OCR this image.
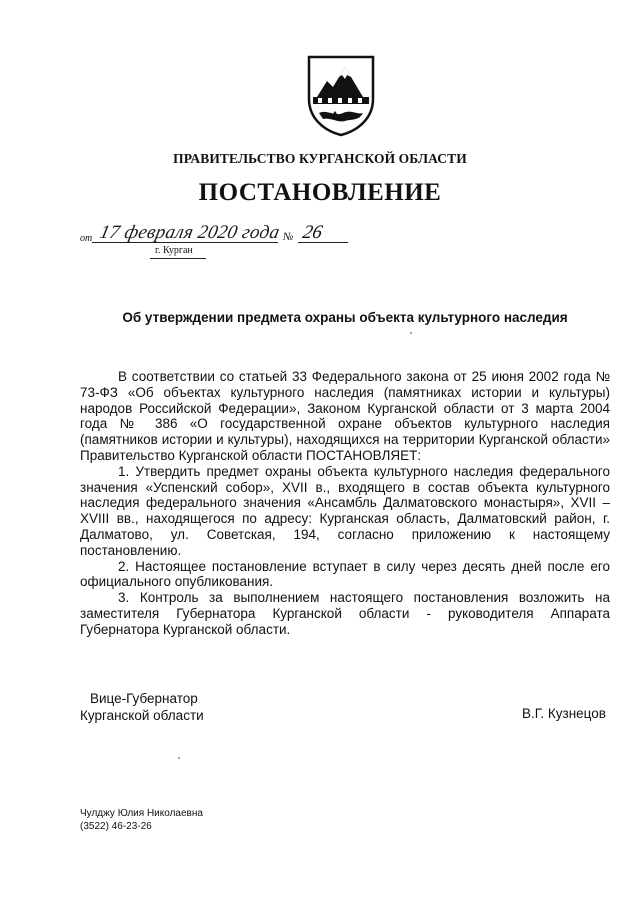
ПРАВИТЕЛЬСТВО КУРГАНСКОЙ ОБЛАСТИ
ПОСТАНОВЛЕНИЕ
от 17 февраля 2020 года № 26
г. Курган
Об утверждении предмета охраны объекта культурного наследия

В соответствии со статьей 33 Федерального закона от 25 июня 2002 года № 73-ФЗ «Об объектах культурного наследия (памятниках истории и культуры) народов Российской Федерации», Законом Курганской области от 3 марта 2004 года № 386 «О государственной охране объектов культурного наследия (памятников истории и культуры), находящихся на территории Курганской области» Правительство Курганской области ПОСТАНОВЛЯЕТ:

1. Утвердить предмет охраны объекта культурного наследия федерального значения «Успенский собор», XVII в., входящего в состав объекта культурного наследия федерального значения «Ансамбль Далматовского монастыря», XVII – XVIII вв., находящегося по адресу: Курганская область, Далматовский район, г. Далматово, ул. Советская, 194, согласно приложению к настоящему постановлению.

2. Настоящее постановление вступает в силу через десять дней после его официального опубликования.

3. Контроль за выполнением настоящего постановления возложить на заместителя Губернатора Курганской области - руководителя Аппарата Губернатора Курганской области.

Вице-Губернатор
Курганской области	В.Г. Кузнецов
Чулджу Юлия Николаевна
(3522) 46-23-26
